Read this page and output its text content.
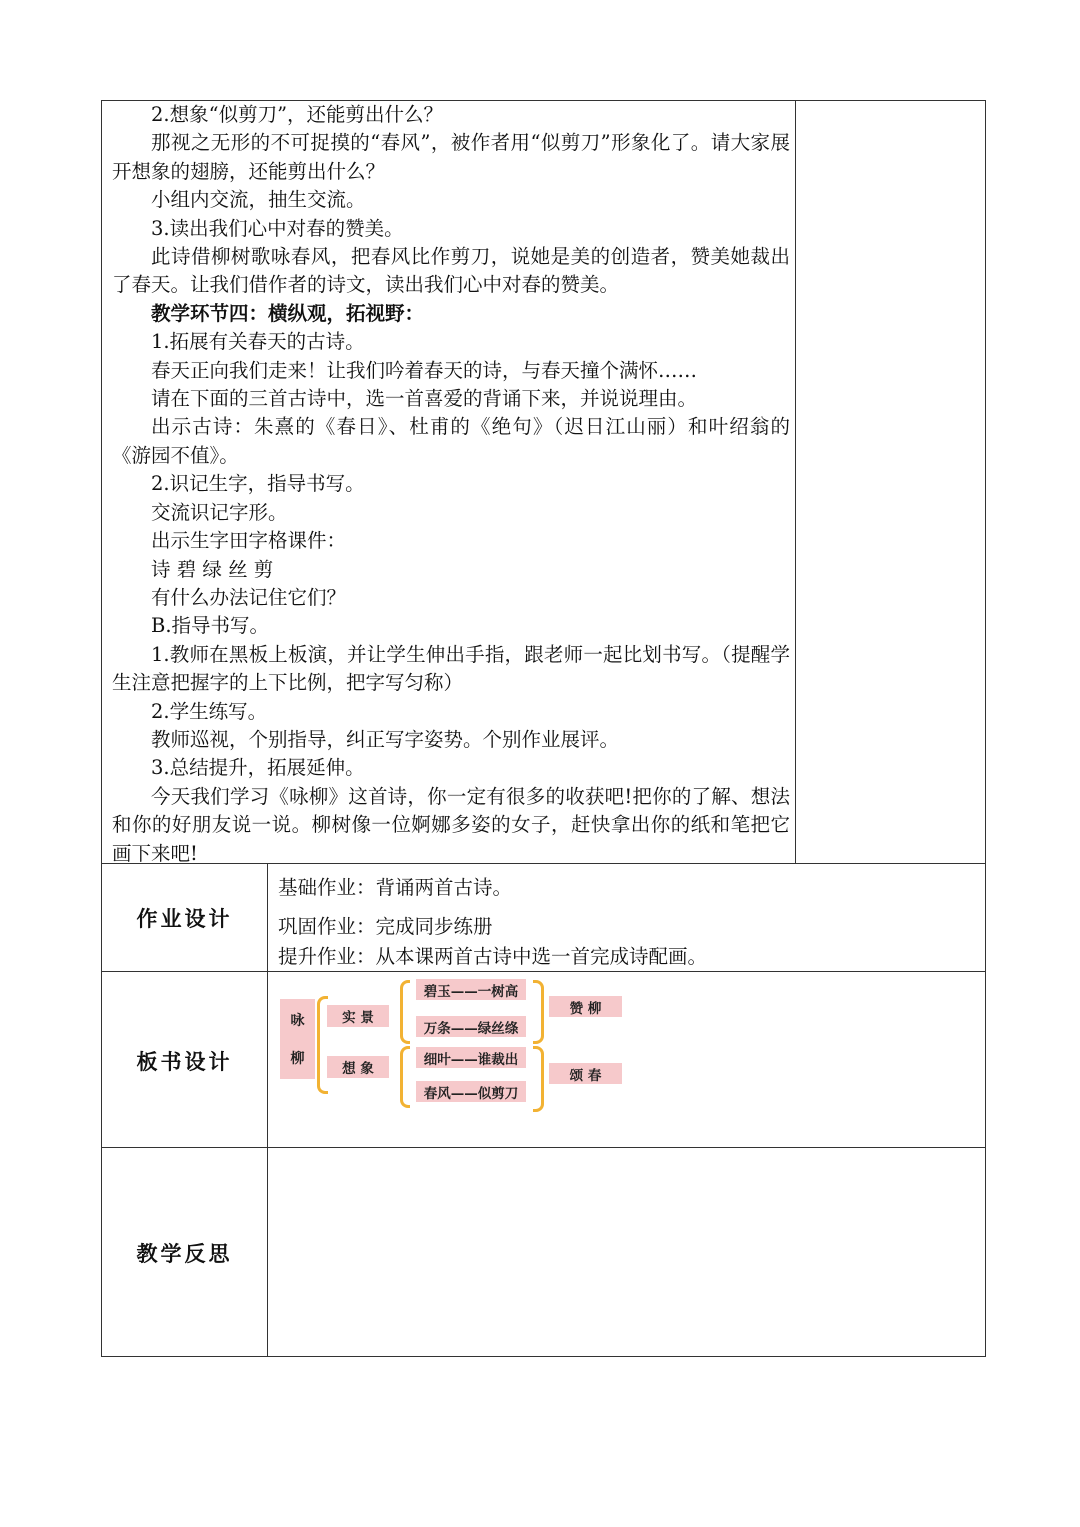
2.想象“似剪刀”，还能剪出什么？

那视之无形的不可捉摸的“春风”，被作者用“似剪刀”形象化了。请大家展开想象的翅膀，还能剪出什么？

小组内交流，抽生交流。

3.读出我们心中对春的赞美。

此诗借柳树歌咏春风，把春风比作剪刀，说她是美的创造者，赞美她裁出了春天。让我们借作者的诗文，读出我们心中对春的赞美。

教学环节四：横纵观，拓视野：

1.拓展有关春天的古诗。

春天正向我们走来！让我们吟着春天的诗，与春天撞个满怀……

请在下面的三首古诗中，选一首喜爱的背诵下来，并说说理由。

出示古诗：朱熹的《春日》、杜甫的《绝句》（迟日江山丽）和叶绍翁的《游园不值》。

2.识记生字，指导书写。

交流识记字形。

出示生字田字格课件：

诗 碧 绿 丝 剪

有什么办法记住它们？

B.指导书写。

1.教师在黑板上板演，并让学生伸出手指，跟老师一起比划书写。（提醒学生注意把握字的上下比例，把字写匀称）

2.学生练写。

教师巡视，个别指导，纠正写字姿势。个别作业展评。

3.总结提升，拓展延伸。

今天我们学习《咏柳》这首诗，你一定有很多的收获吧!把你的了解、想法和你的好朋友说一说。柳树像一位婀娜多姿的女子，赶快拿出你的纸和笔把它画下来吧!

作业设计
基础作业：背诵两首古诗。
巩固作业：完成同步练册
提升作业：从本课两首古诗中选一首完成诗配画。
板书设计
咏
柳
实 景
想 象
碧玉——一树高
万条——绿丝绦
细叶——谁裁出
春风——似剪刀
赞 柳
颂 春
教学反思
